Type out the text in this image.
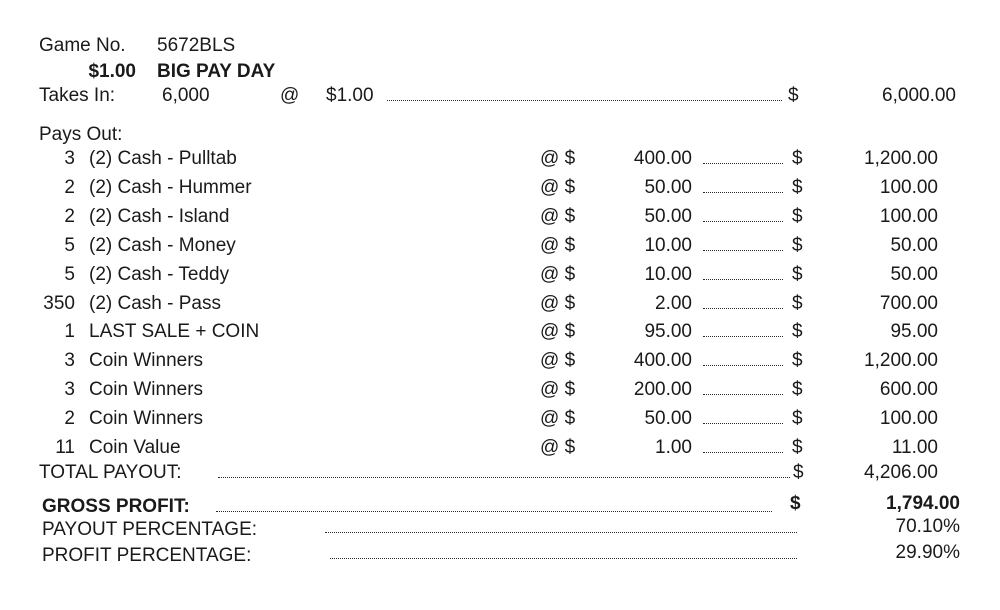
Game No. 5672BLS
$1.00 BIG PAY DAY
Takes In: 6,000	@ $1.00	$	6,000.00
Pays Out:
3 (2) Cash - Pulltab	@ $	400.00	$	1,200.00
2 (2) Cash - Hummer	@ $	50.00	$	100.00
2 (2) Cash - Island	@ $	50.00	$	100.00
5 (2) Cash - Money	@ $	10.00	$	50.00
5 (2) Cash - Teddy	@ $	10.00	$	50.00
350 (2) Cash - Pass	@ $	2.00	$	700.00
1 LAST SALE + COIN	@ $	95.00	$	95.00
3 Coin Winners	@ $	400.00	$	1,200.00
3 Coin Winners	@ $	200.00	$	600.00
2 Coin Winners	@ $	50.00	$	100.00
11 Coin Value	@ $	1.00	$	11.00
TOTAL PAYOUT:	$	4,206.00
GROSS PROFIT:	$	1,794.00
PAYOUT PERCENTAGE:	70.10%
PROFIT PERCENTAGE:	29.90%
